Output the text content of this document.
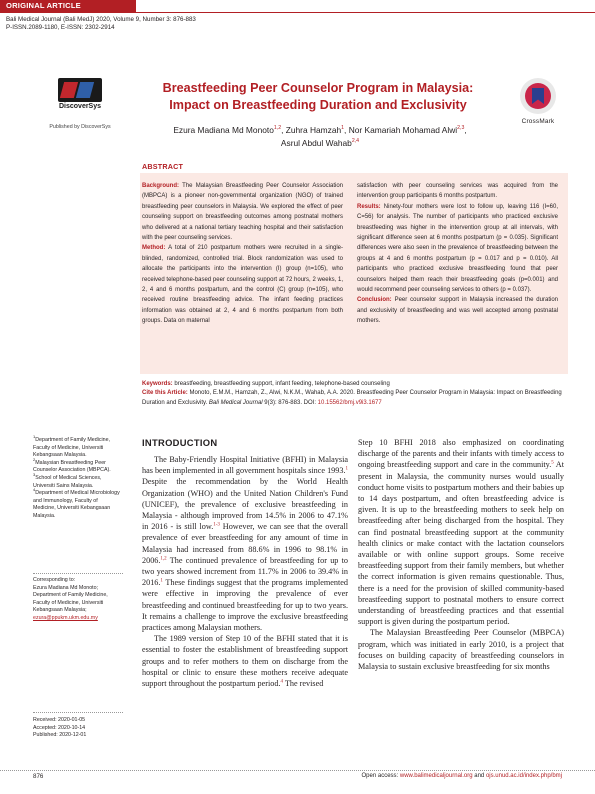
ORIGINAL ARTICLE
Bali Medical Journal (Bali MedJ) 2020, Volume 9, Number 3: 876-883
P-ISSN.2089-1180, E-ISSN: 2302-2914
DiscoverSys
Published by DiscoverSys
CrossMark
Breastfeeding Peer Counselor Program in Malaysia:
Impact on Breastfeeding Duration and Exclusivity
Ezura Madiana Md Monoto$^{1,2}$, Zuhra Hamzah$^1$, Nor Kamariah Mohamad Alwi$^{2,3}$,
Asrul Abdul Wahab$^{2,4}$
ABSTRACT
Background: The Malaysian Breastfeeding Peer Counselor Association (MBPCA) is a pioneer non-governmental organization (NGO) of trained breastfeeding peer counselors in Malaysia. We explored the effect of peer counseling support on breastfeeding outcomes among postnatal mothers who delivered at a national tertiary teaching hospital and their satisfaction with the peer counseling services.
Method: A total of 210 postpartum mothers were recruited in a single-blinded, randomized, controlled trial. Block randomization was used to allocate the participants into the intervention (I) group (n=105), who received telephone-based peer counseling support at 72 hours, 2 weeks, 1, 2, 4 and 6 months postpartum, and the control (C) group (n=105), who received routine breastfeeding advice. The infant feeding practices information was obtained at 2, 4 and 6 months postpartum from both groups. Data on maternal
satisfaction with peer counseling services was acquired from the intervention group participants 6 months postpartum.
Results: Ninety-four mothers were lost to follow up, leaving 116 (I=60, C=56) for analysis. The number of participants who practiced exclusive breastfeeding was higher in the intervention group at all intervals, with significant difference seen at 6 months postpartum (p = 0.035). Significant differences were also seen in the prevalence of breastfeeding between the groups at 4 and 6 months postpartum (p = 0.017 and p = 0.010). All participants who practiced exclusive breastfeeding found that peer counselors helped them reach their breastfeeding goals (p=0.001) and would recommend peer counseling services to others (p = 0.037).
Conclusion: Peer counselor support in Malaysia increased the duration and exclusivity of breastfeeding and was well accepted among postnatal mothers.
Keywords: breastfeeding, breastfeeding support, infant feeding, telephone-based counseling
Cite this Article: Monoto, E.M.M., Hamzah, Z., Alwi, N.K.M., Wahab, A.A. 2020. Breastfeeding Peer Counselor Program in Malaysia: Impact on Breastfeeding Duration and Exclusivity. Bali Medical Journal 9(3): 876-883. DOI: 10.15562/bmj.v9i3.1677
$^1$Department of Family Medicine, Faculty of Medicine, Universiti Kebangsaan Malaysia.
$^2$Malaysian Breastfeeding Peer Counselor Association (MBPCA).
$^3$School of Medical Sciences, Universiti Sains Malaysia.
$^4$Department of Medical Microbiology and Immunology, Faculty of Medicine, Universiti Kebangsaan Malaysia.
Corresponding to:
Ezura Madiana Md Monoto;
Department of Family Medicine, Faculty of Medicine, Universiti Kebangsaan Malaysia;
ezura@ppukm.ukm.edu.my
Received: 2020-01-05
Accepted: 2020-10-14
Published: 2020-12-01
INTRODUCTION

The Baby-Friendly Hospital Initiative (BFHI) in Malaysia has been implemented in all government hospitals since 1993.$^1$ Despite the recommendation by the World Health Organization (WHO) and the United Nation Children's Fund (UNICEF), the prevalence of exclusive breastfeeding in Malaysia - although improved from 14.5% in 2006 to 47.1% in 2016 - is still low.$^{1-3}$ However, we can see that the overall prevalence of ever breastfeeding for any amount of time in Malaysia had increased from 88.6% in 1996 to 98.1% in 2006.$^{1,2}$ The continued prevalence of breastfeeding for up to two years showed increment from 11.7% in 2006 to 39.4% in 2016.$^1$ These findings suggest that the programs implemented were effective in improving the prevalence of ever breastfeeding and continued breastfeeding for up to two years. It remains a challenge to improve the exclusive breastfeeding practices among Malaysian mothers.

The 1989 version of Step 10 of the BFHI stated that it is essential to foster the establishment of breastfeeding support groups and to refer mothers to them on discharge from the hospital or clinic to ensure these mothers receive adequate support throughout the postpartum period.$^4$ The revised

Step 10 BFHI 2018 also emphasized on coordinating discharge of the parents and their infants with timely access to ongoing breastfeeding support and care in the community.$^5$ At present in Malaysia, the community nurses would usually conduct home visits to postpartum mothers and their babies up to 14 days postpartum, and often breastfeeding advice is given. It is up to the breastfeeding mothers to seek help on breastfeeding after being discharged from the hospital. They can find postnatal breastfeeding support at the community health clinics or make contact with the lactation counselors available or with online support groups. Some receive breastfeeding support from their family members, but whether the correct information is given remains questionable. Thus, there is a need for the provision of skilled community-based breastfeeding support to postnatal mothers to ensure correct understanding of breastfeeding practices and that essential support is given during the postpartum period.

The Malaysian Breastfeeding Peer Counselor (MBPCA) program, which was initiated in early 2010, is a project that focuses on building capacity of breastfeeding counselors in Malaysia to sustain exclusive breastfeeding for six months

876	Open access: www.balimedicaljournal.org and ojs.unud.ac.id/index.php/bmj
